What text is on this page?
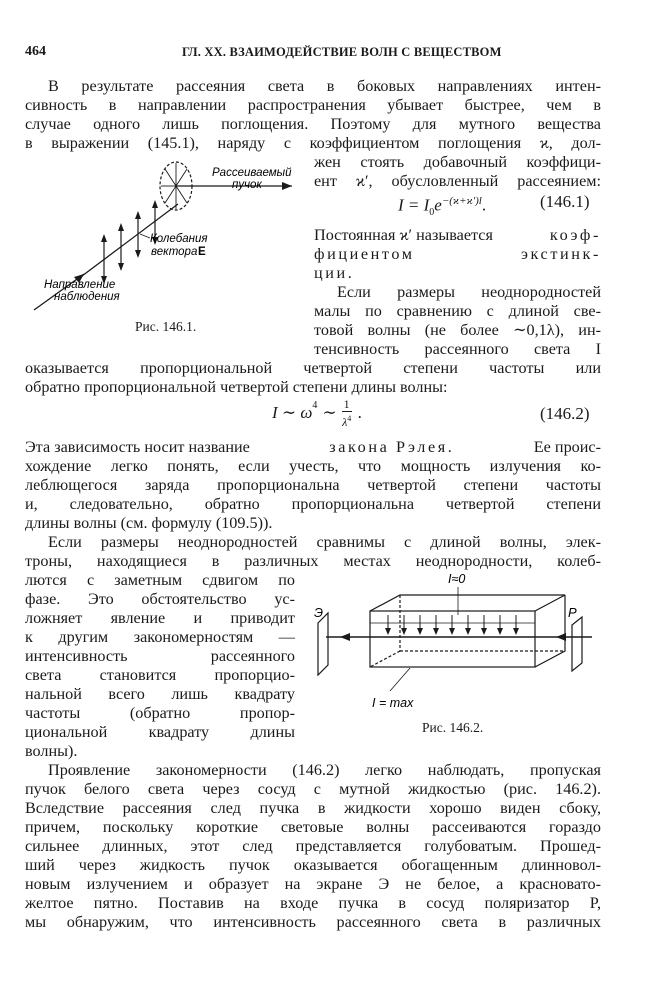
464	ГЛ. XX. ВЗАИМОДЕЙСТВИЕ ВОЛН С ВЕЩЕСТВОМ
В результате рассеяния света в боковых направлениях интен-
сивность в направлении распространения убывает быстрее, чем в
случае одного лишь поглощения. Поэтому для мутного вещества
в выражении (145.1), наряду с коэффициентом поглощения ϰ, дол-
жен стоять добавочный коэффици-
ент ϰ′, обусловленный рассеянием:
$I = I_0e^{-(ϰ+ϰ')l}$.	(146.1)
Постоянная ϰ′ называется	коэф-
фициентом	экстинк-
ции.
Если размеры неоднородностей
малы по сравнению с длиной све-
товой волны (не более ∼0,1λ), ин-
тенсивность рассеянного света I
оказывается пропорциональной четвертой степени частоты или
обратно пропорциональной четвертой степени длины волны:
I ∼ $\omega^4$ ∼ $\frac{1}{\lambda^4}$ .	(146.2)
Эта зависимость носит название	закона Рэлея.	Ее проис-
хождение легко понять, если учесть, что мощность излучения ко-
леблющегося заряда пропорциональна четвертой степени частоты
и, следовательно, обратно пропорциональна четвертой степени
длины волны (см. формулу (109.5)).
Если размеры неоднородностей сравнимы с длиной волны, элек-
троны, находящиеся в различных местах неоднородности, колеб-
лются с заметным сдвигом по
фазе. Это обстоятельство ус-
ложняет явление и приводит
к другим закономерностям —
интенсивность	рассеянного
света становится пропорцио-
нальной всего лишь квадрату
частоты	(обратно	пропор-
циональной	квадрату	длины
волны).
Проявление закономерности (146.2) легко наблюдать, пропуская
пучок белого света через сосуд с мутной жидкостью (рис. 146.2).
Вследствие рассеяния след пучка в жидкости хорошо виден сбоку,
причем, поскольку короткие световые волны рассеиваются гораздо
сильнее длинных, этот след представляется голубоватым. Прошед-
ший через жидкость пучок оказывается обогащенным длинновол-
новым излучением и образует на экране Э не белое, а красновато-
желтое пятно. Поставив на входе пучка в сосуд поляризатор P,
мы обнаружим, что интенсивность рассеянного света в различных
Рассеиваемый
пучок
Колебания
вектора E
Направление
наблюдения
Рис. 146.1.
I≈0
Э	P
I = max
Рис. 146.2.
